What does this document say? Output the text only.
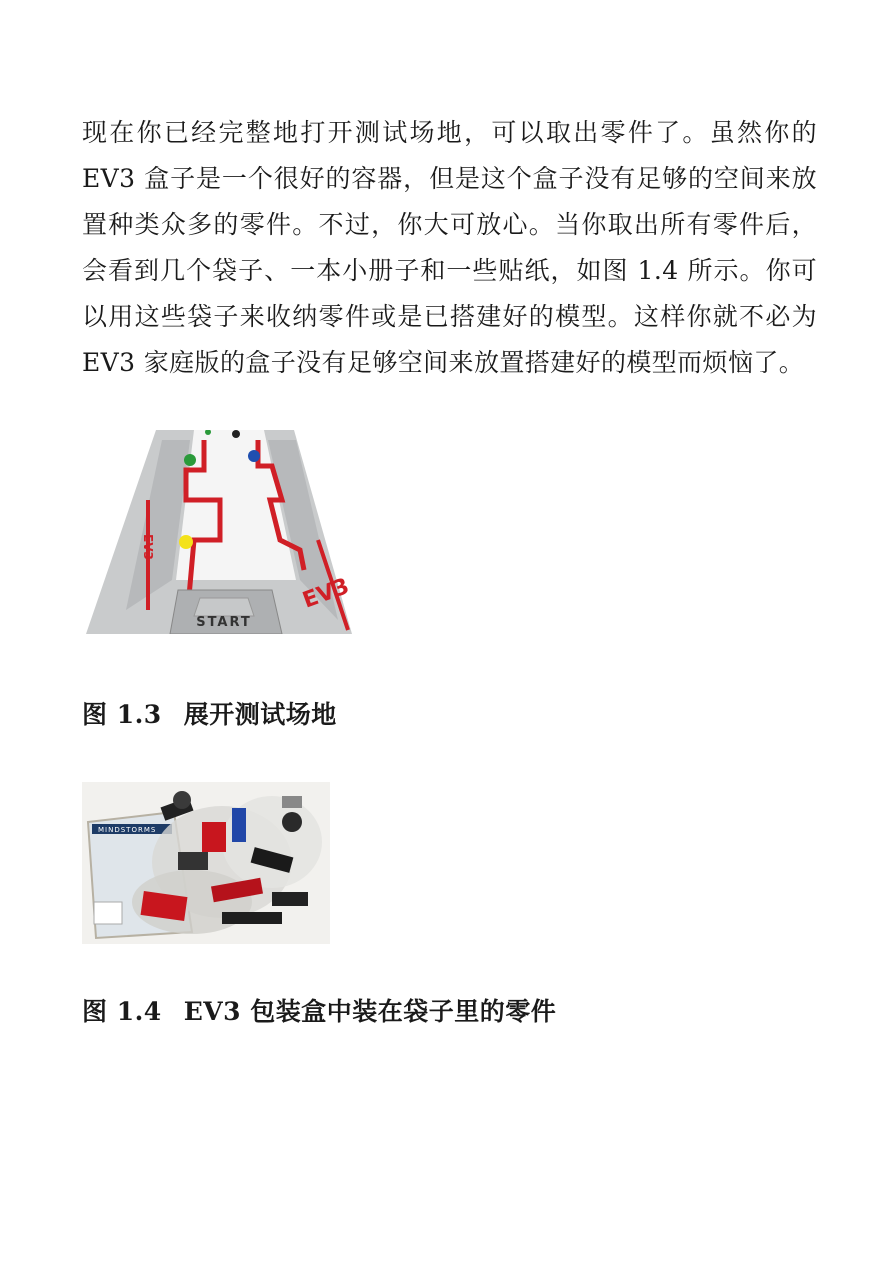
现在你已经完整地打开测试场地，可以取出零件了。虽然你的 EV3 盒子是一个很好的容器，但是这个盒子没有足够的空间来放置种类众多的零件。不过，你大可放心。当你取出所有零件后，会看到几个袋子、一本小册子和一些贴纸，如图 1.4 所示。你可以用这些袋子来收纳零件或是已搭建好的模型。这样你就不必为 EV3 家庭版的盒子没有足够空间来放置搭建好的模型而烦恼了。

START
EV3
EV3
图 1.3 展开测试场地
MINDSTORMS
图 1.4 EV3 包装盒中装在袋子里的零件
